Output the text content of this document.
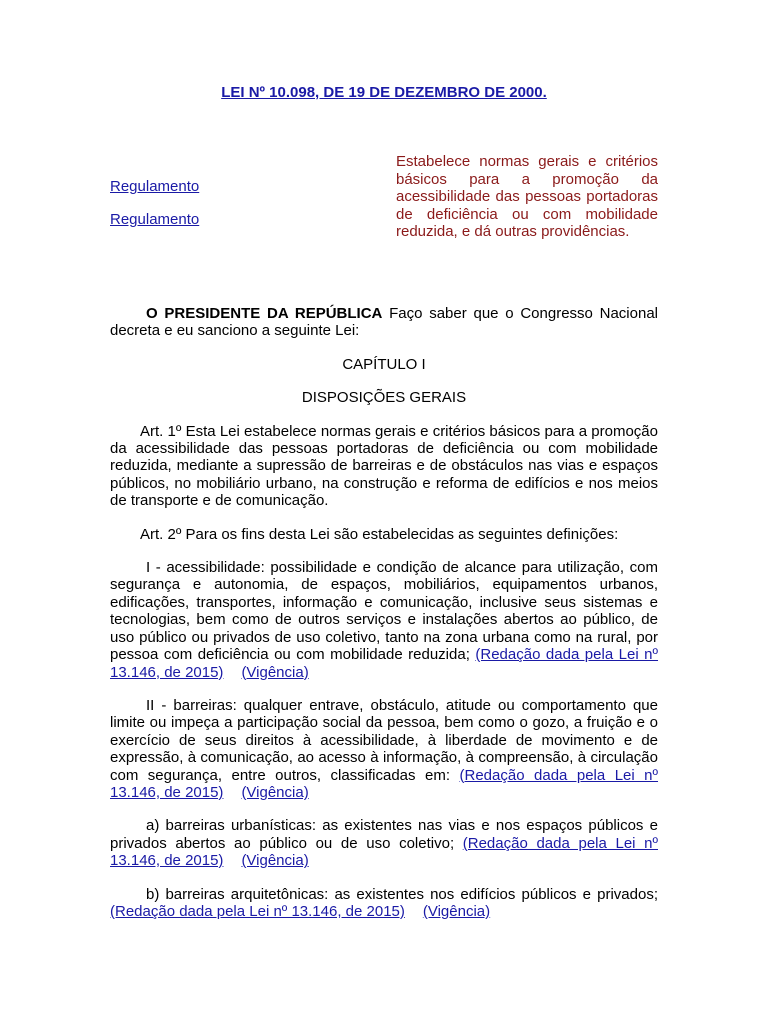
LEI Nº 10.098, DE 19 DE DEZEMBRO DE 2000.
Regulamento
Regulamento
Estabelece normas gerais e critérios básicos para a promoção da acessibilidade das pessoas portadoras de deficiência ou com mobilidade reduzida, e dá outras providências.

O PRESIDENTE DA REPÚBLICA Faço saber que o Congresso Nacional decreta e eu sanciono a seguinte Lei:

CAPÍTULO I

DISPOSIÇÕES GERAIS

Art. 1º Esta Lei estabelece normas gerais e critérios básicos para a promoção da acessibilidade das pessoas portadoras de deficiência ou com mobilidade reduzida, mediante a supressão de barreiras e de obstáculos nas vias e espaços públicos, no mobiliário urbano, na construção e reforma de edifícios e nos meios de transporte e de comunicação.

Art. 2º Para os fins desta Lei são estabelecidas as seguintes definições:

I - acessibilidade: possibilidade e condição de alcance para utilização, com segurança e autonomia, de espaços, mobiliários, equipamentos urbanos, edificações, transportes, informação e comunicação, inclusive seus sistemas e tecnologias, bem como de outros serviços e instalações abertos ao público, de uso público ou privados de uso coletivo, tanto na zona urbana como na rural, por pessoa com deficiência ou com mobilidade reduzida; (Redação dada pela Lei nº 13.146, de 2015) (Vigência)

II - barreiras: qualquer entrave, obstáculo, atitude ou comportamento que limite ou impeça a participação social da pessoa, bem como o gozo, a fruição e o exercício de seus direitos à acessibilidade, à liberdade de movimento e de expressão, à comunicação, ao acesso à informação, à compreensão, à circulação com segurança, entre outros, classificadas em: (Redação dada pela Lei nº 13.146, de 2015) (Vigência)

a) barreiras urbanísticas: as existentes nas vias e nos espaços públicos e privados abertos ao público ou de uso coletivo; (Redação dada pela Lei nº 13.146, de 2015) (Vigência)

b) barreiras arquitetônicas: as existentes nos edifícios públicos e privados; (Redação dada pela Lei nº 13.146, de 2015) (Vigência)
